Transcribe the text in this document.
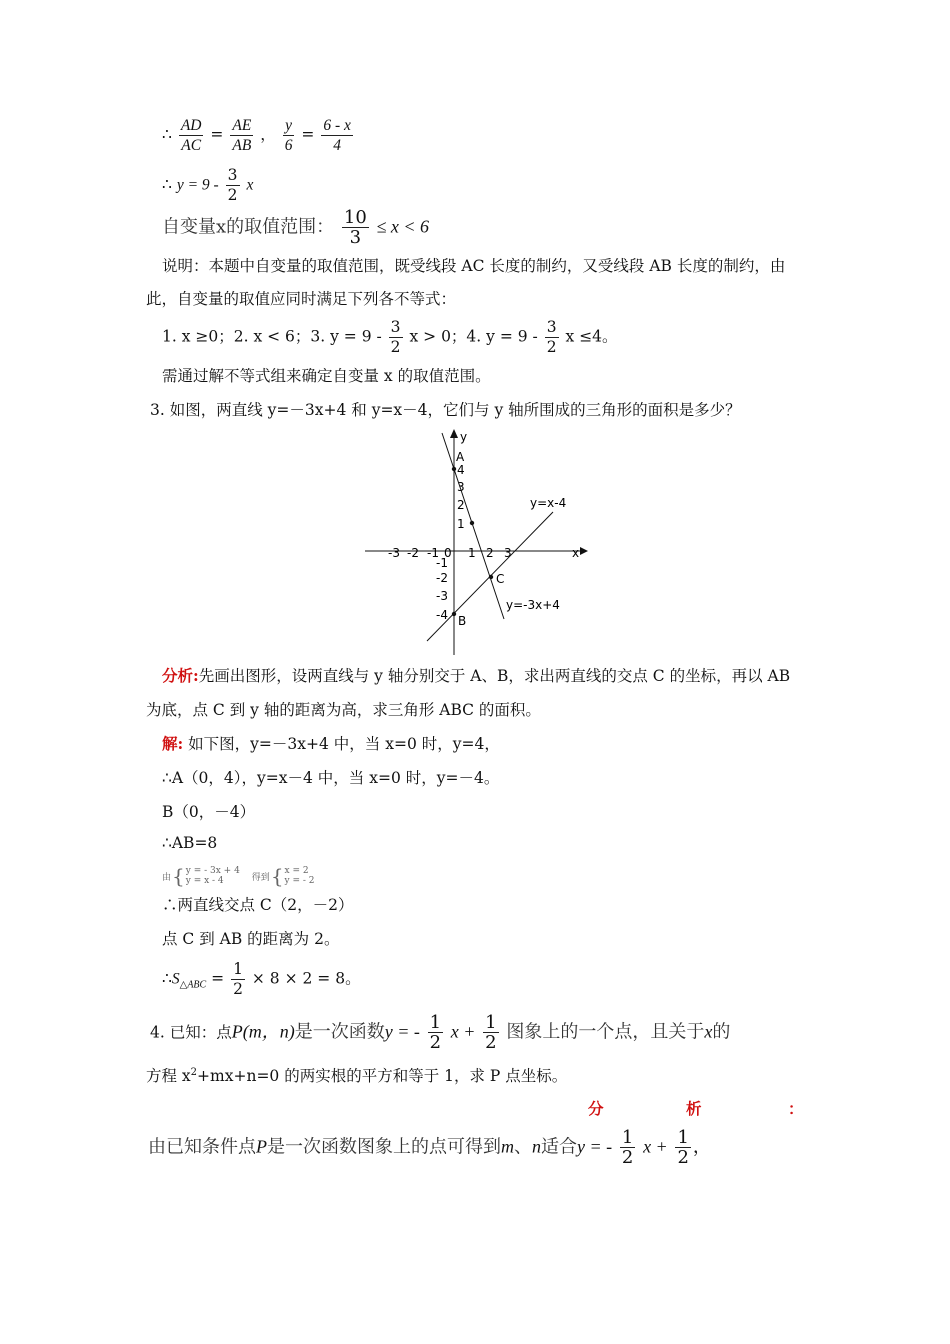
∴ $\frac{AD}{AC} = \frac{AE}{AB}$ ， $\frac{y}{6} = \frac{6 - x}{4}$
∴ $y = 9 - \frac{3}{2}$ x
自变量x的取值范围： $\frac{10}{3} \le x < 6$
说明：本题中自变量的取值范围，既受线段 AC 长度的制约，又受线段 AB 长度的制约，由
此，自变量的取值应同时满足下列各不等式：
1. x ≥0；2. x < 6；3. $y = 9 - \frac{3}{2}$ x > 0；4. $y = 9 - \frac{3}{2}$ x ≤4。
需通过解不等式组来确定自变量 x 的取值范围。
3. 如图，两直线 y=－3x+4 和 y=x－4，它们与 y 轴所围成的三角形的面积是多少？
y
x
-3 -2 -1 0 1 2 3
4
3
2
1
-1
-2
-3
-4
A
B
C
y=x-4
y=-3x+4
分析:先画出图形，设两直线与 y 轴分别交于 A、B，求出两直线的交点 C 的坐标，再以 AB
为底，点 C 到 y 轴的距离为高，求三角形 ABC 的面积。
解: 如下图，y=－3x+4 中，当 x=0 时，y=4，
∴A（0，4），y=x－4 中，当 x=0 时，y=－4。
B（0，－4）
∴AB=8
由 { y = - 3x + 4
y = x - 4	得到 { x = 2
y = - 2
∴两直线交点 C（2，－2）
点 C 到 AB 的距离为 2。
$\therefore S_{\triangle ABC} = \frac{1}{2} \times 8 \times 2 = 8$。
4. 已知：点P(m，n)是一次函数y = - $\frac{1}{2}$ $x + \frac{1}{2}$ 图象上的一个点，且关于x的
方程 $x^2+mx+n=0$ 的两实根的平方和等于 1，求 P 点坐标。
分	析	：
由已知条件点P是一次函数图象上的点可得到m、n适合y = - $\frac{1}{2}$ $x + \frac{1}{2}$ ，
